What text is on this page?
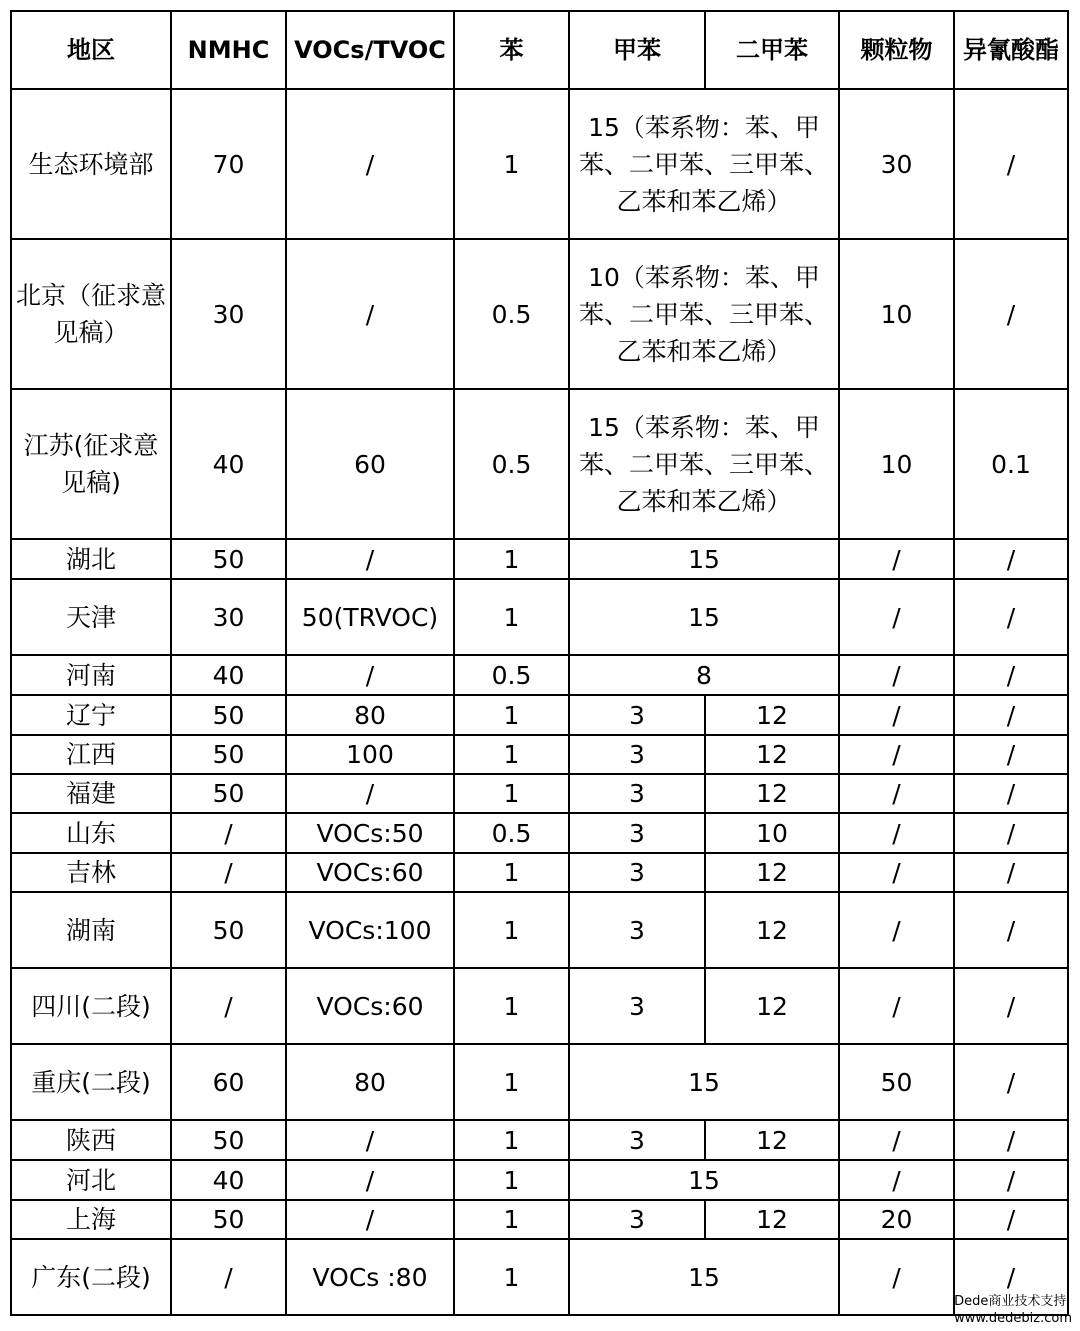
地区	NMHC	VOCs/TVOC	苯	甲苯	二甲苯	颗粒物	异氰酸酯
生态环境部	70	/	1	15（苯系物：苯、甲苯、二甲苯、三甲苯、乙苯和苯乙烯）		30	/
北京（征求意见稿）	30	/	0.5	10（苯系物：苯、甲苯、二甲苯、三甲苯、乙苯和苯乙烯）		10	/
江苏(征求意见稿)	40	60	0.5	15（苯系物：苯、甲苯、二甲苯、三甲苯、乙苯和苯乙烯）		10	0.1
湖北	50	/	1	15		/	/
天津	30	50(TRVOC)	1	15		/	/
河南	40	/	0.5	8		/	/
辽宁	50	80	1	3	12	/	/
江西	50	100	1	3	12	/	/
福建	50	/	1	3	12	/	/
山东	/	VOCs:50	0.5	3	10	/	/
吉林	/	VOCs:60	1	3	12	/	/
湖南	50	VOCs:100	1	3	12	/	/
四川(二段)	/	VOCs:60	1	3	12	/	/
重庆(二段)	60	80	1	15		50	/
陕西	50	/	1	3	12	/	/
河北	40	/	1	15		/	/
上海	50	/	1	3	12	20	/
广东(二段)	/	VOCs :80	1	15		/	/
Dede商业技术支持
www.dedebiz.com
